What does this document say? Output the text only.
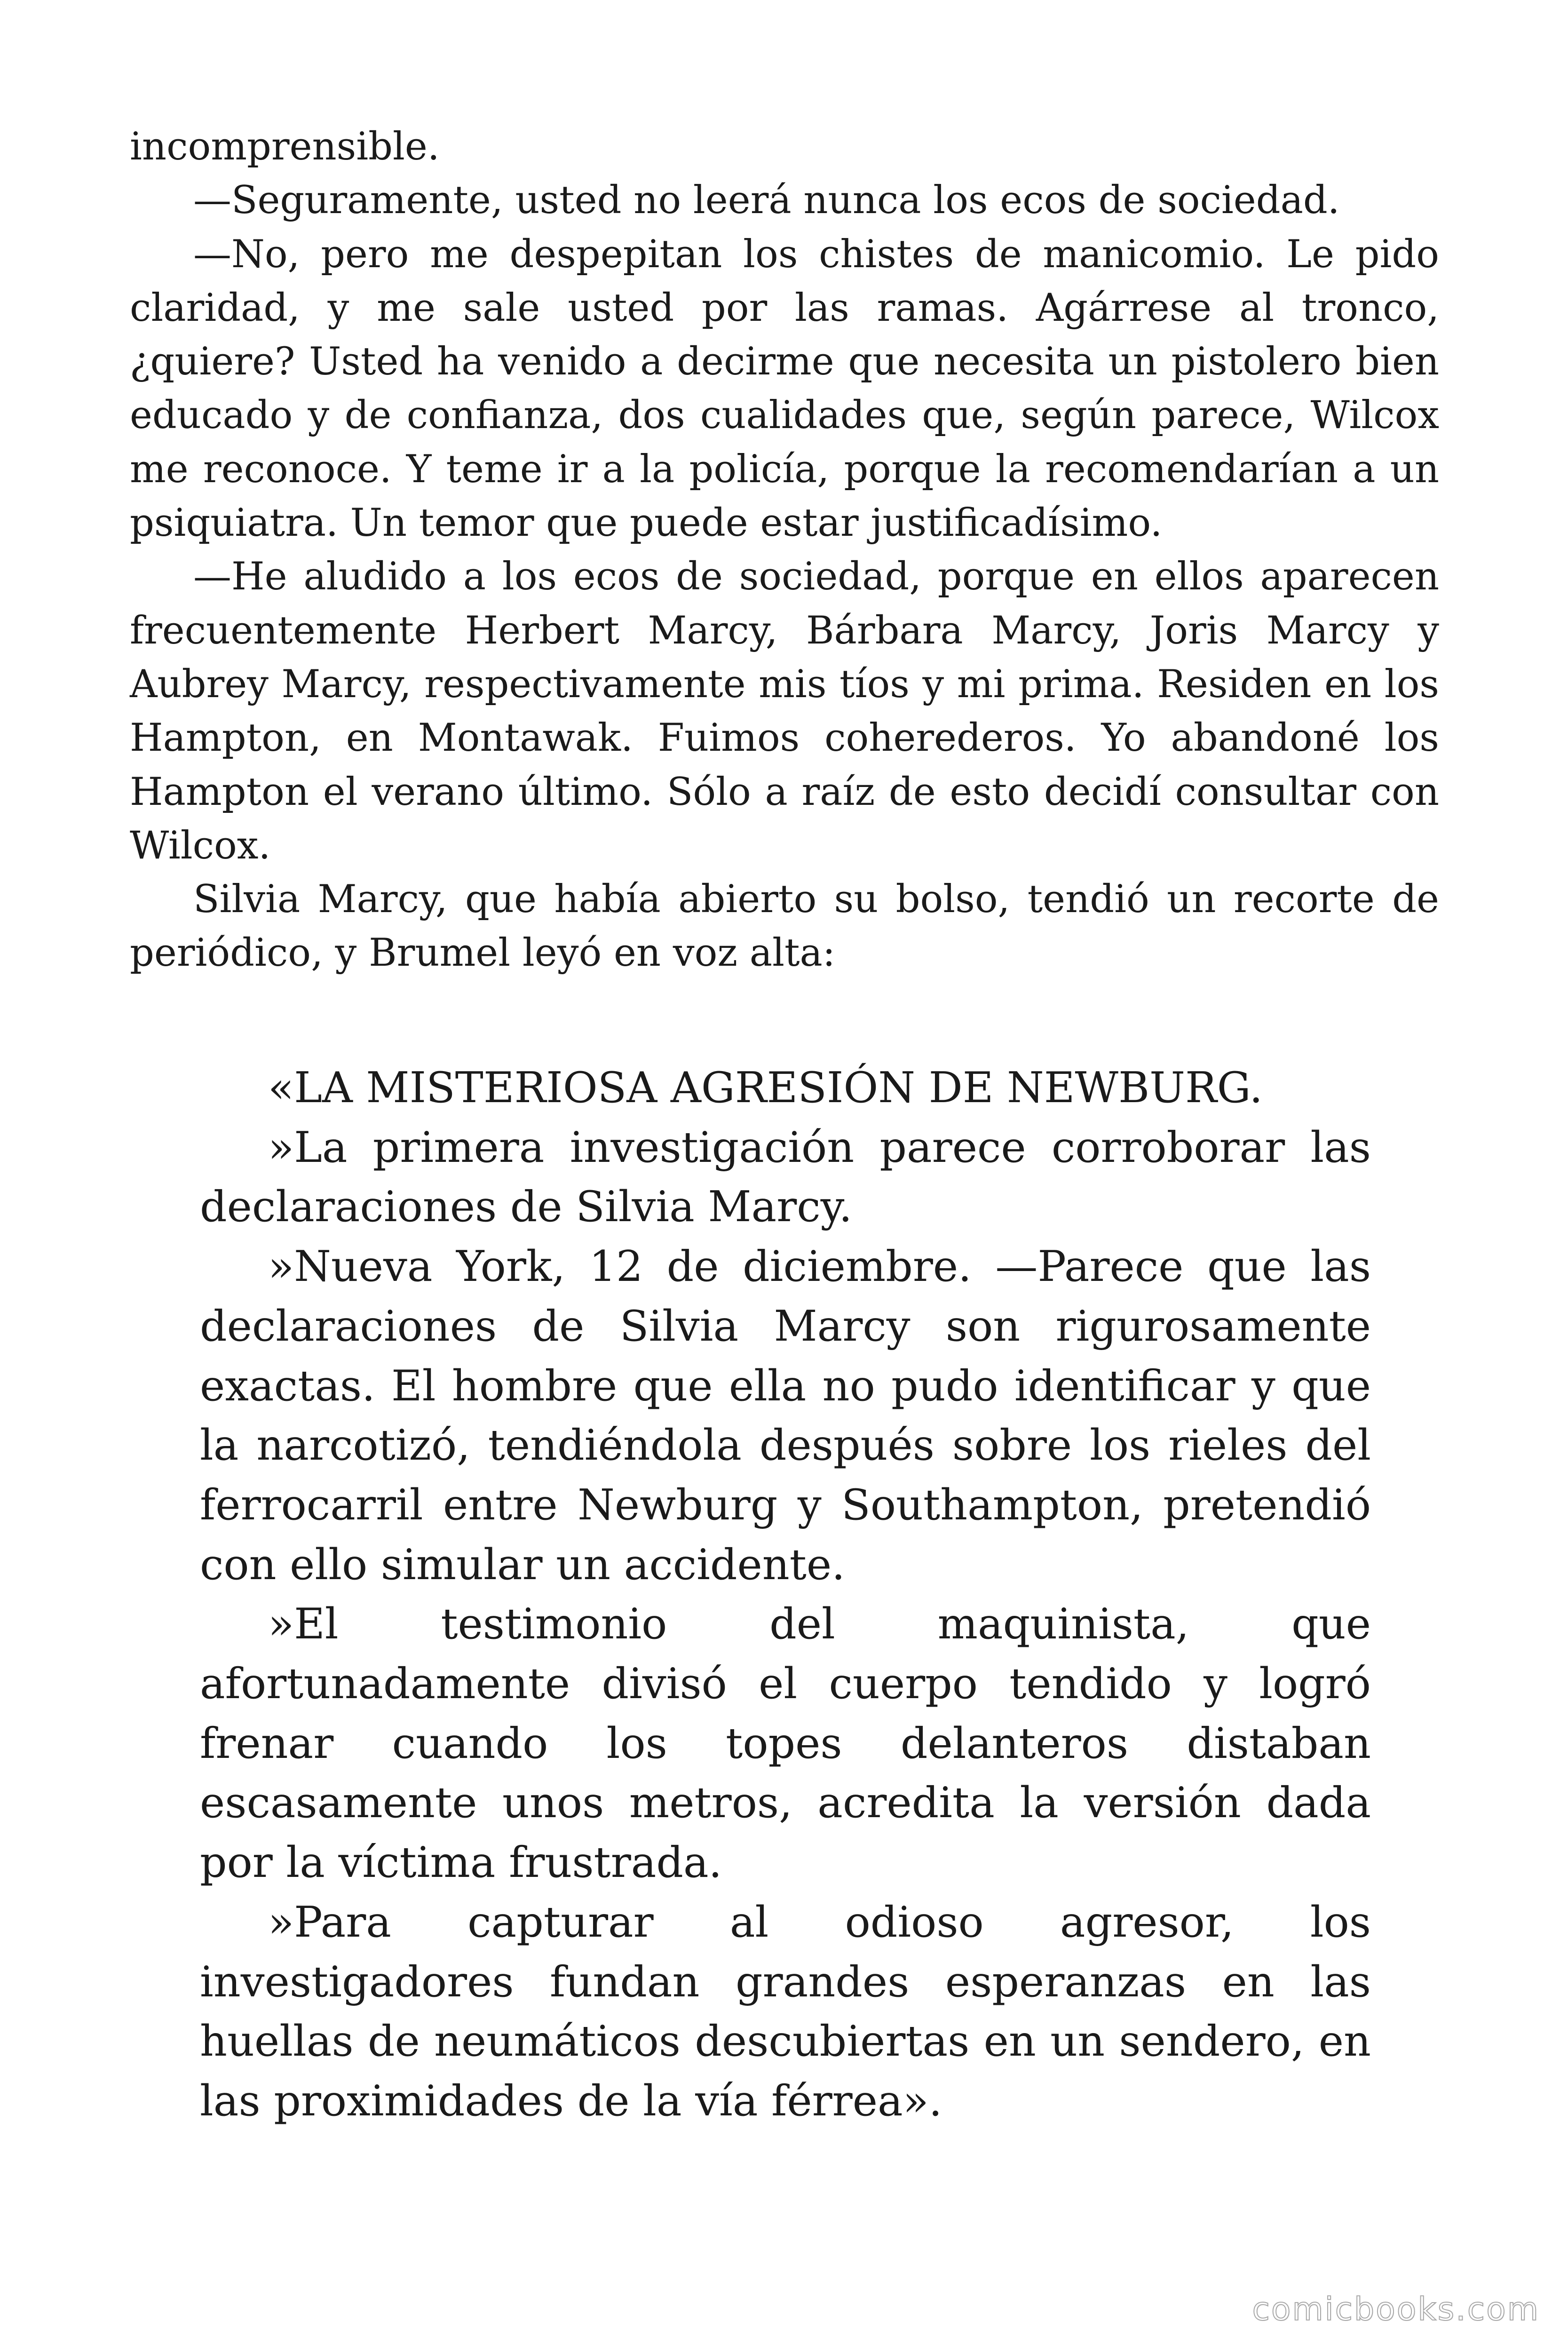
incomprensible.

—Seguramente, usted no leerá nunca los ecos de sociedad.

—No, pero me despepitan los chistes de manicomio. Le pido claridad, y me sale usted por las ramas. Agárrese al tronco, ¿quiere? Usted ha venido a decirme que necesita un pistolero bien educado y de confianza, dos cualidades que, según parece, Wilcox me reconoce. Y teme ir a la policía, porque la recomendarían a un psiquiatra. Un temor que puede estar justificadísimo.

—He aludido a los ecos de sociedad, porque en ellos aparecen frecuentemente Herbert Marcy, Bárbara Marcy, Joris Marcy y Aubrey Marcy, respectivamente mis tíos y mi prima. Residen en los Hampton, en Montawak. Fuimos coherederos. Yo abandoné los Hampton el verano último. Sólo a raíz de esto decidí consultar con Wilcox.

Silvia Marcy, que había abierto su bolso, tendió un recorte de periódico, y Brumel leyó en voz alta:

«LA MISTERIOSA AGRESIÓN DE NEWBURG.

»La primera investigación parece corroborar las declaraciones de Silvia Marcy.

»Nueva York, 12 de diciembre. —Parece que las declaraciones de Silvia Marcy son rigurosamente exactas. El hombre que ella no pudo identificar y que la narcotizó, tendiéndola después sobre los rieles del ferrocarril entre Newburg y Southampton, pretendió con ello simular un accidente.

»El testimonio del maquinista, que afortunadamente divisó el cuerpo tendido y logró frenar cuando los topes delanteros distaban escasamente unos metros, acredita la versión dada por la víctima frustrada.

»Para capturar al odioso agresor, los investigadores fundan grandes esperanzas en las huellas de neumáticos descubiertas en un sendero, en las proximidades de la vía férrea».

comicbooks.com
